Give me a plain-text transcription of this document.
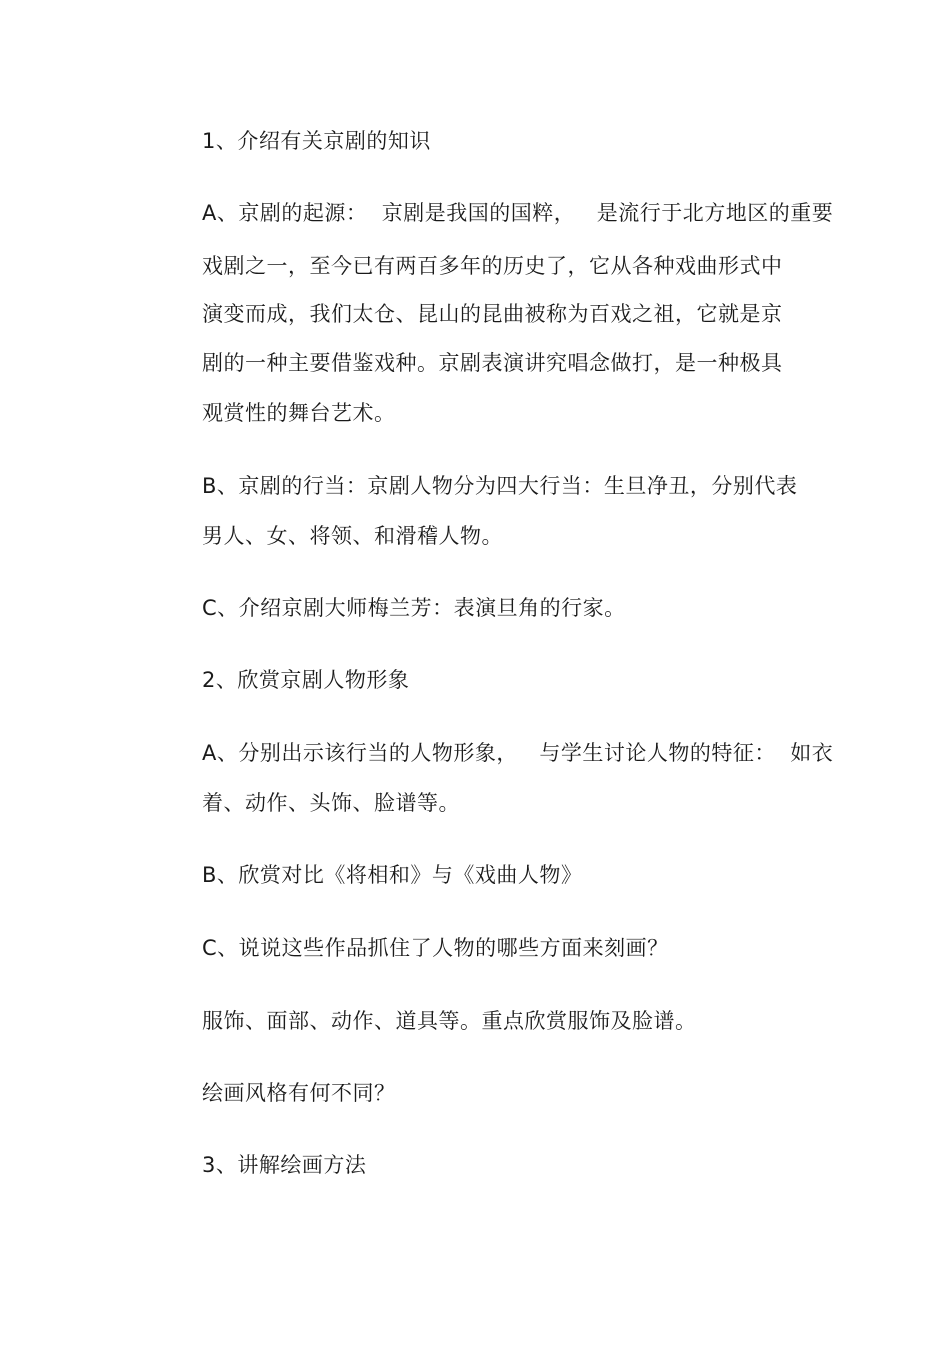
1、介绍有关京剧的知识
A、京剧的起源：  京剧是我国的国粹，   是流行于北方地区的重要
戏剧之一，至今已有两百多年的历史了，它从各种戏曲形式中
演变而成，我们太仓、昆山的昆曲被称为百戏之祖，它就是京
剧的一种主要借鉴戏种。京剧表演讲究唱念做打，是一种极具
观赏性的舞台艺术。
B、京剧的行当：京剧人物分为四大行当：生旦净丑，分别代表
男人、女、将领、和滑稽人物。
C、介绍京剧大师梅兰芳：表演旦角的行家。
2、欣赏京剧人物形象
A、分别出示该行当的人物形象，   与学生讨论人物的特征：  如衣
着、动作、头饰、脸谱等。
B、欣赏对比《将相和》与《戏曲人物》
C、说说这些作品抓住了人物的哪些方面来刻画？
服饰、面部、动作、道具等。重点欣赏服饰及脸谱。
绘画风格有何不同？
3、讲解绘画方法
